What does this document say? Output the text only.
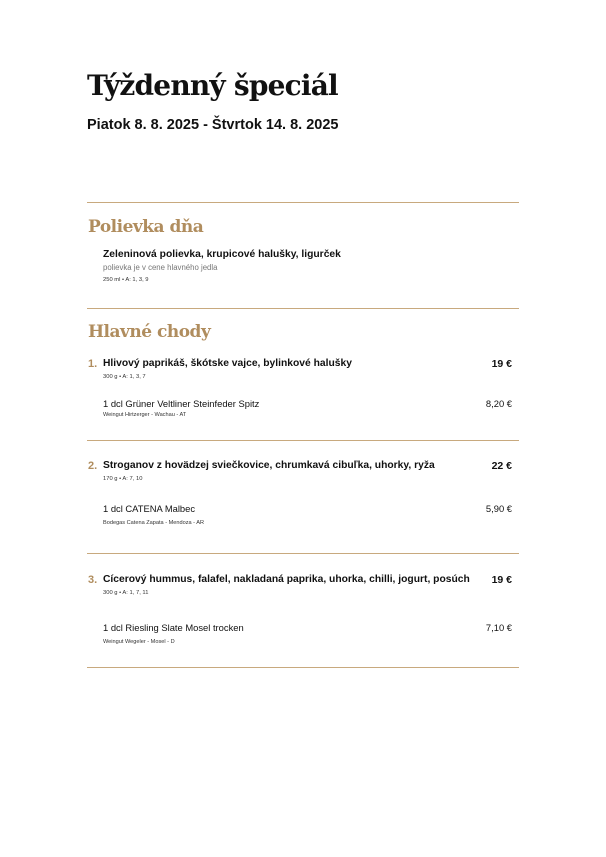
Týždenný špeciál
Piatok 8. 8. 2025 - Štvrtok 14. 8. 2025
Polievka dňa
Zeleninová polievka, krupicové halušky, ligurček
polievka je v cene hlavného jedla
250 ml • A: 1, 3, 9
Hlavné chody
1. Hlivový paprikáš, škótske vajce, bylinkové halušky	19 €
300 g • A: 1, 3, 7
1 dcl Grüner Veltliner Steinfeder Spitz	8,20 €
Weingut Hirtzerger - Wachau - AT
2. Stroganov z hovädzej sviečkovice, chrumkavá cibuľka, uhorky, ryža	22 €
170 g • A: 7, 10
1 dcl CATENA Malbec	5,90 €
Bodegas Catena Zapata - Mendoza - AR
3. Cícerový hummus, falafel, nakladaná paprika, uhorka, chilli, jogurt, posúch 19 €
300 g • A: 1, 7, 11
1 dcl Riesling Slate Mosel trocken	7,10 €
Weingut Wegeler - Mosel - D
